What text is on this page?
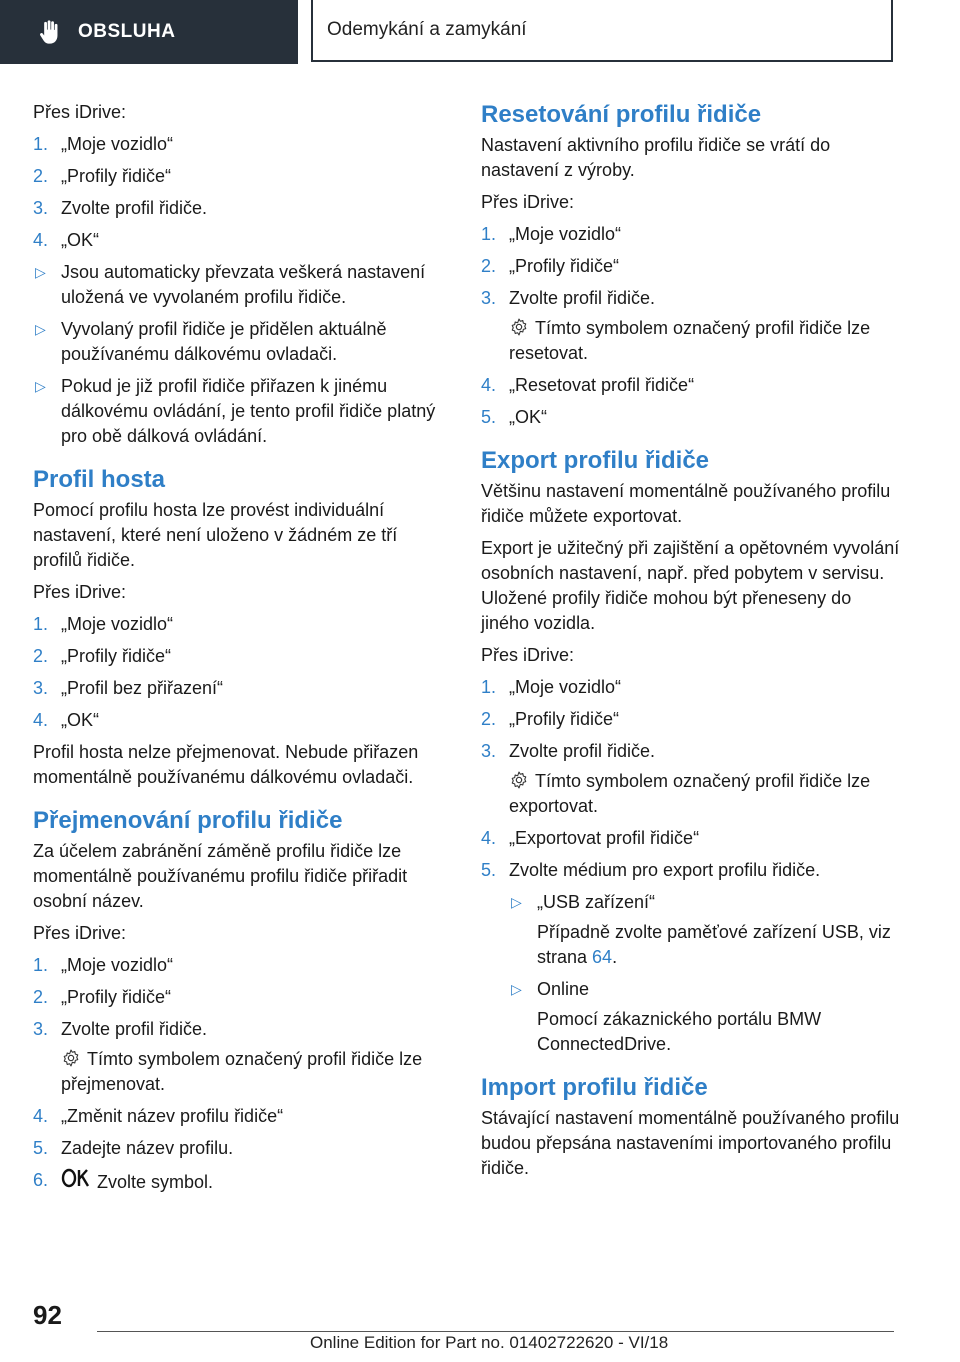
OBSLUHA	Odemykání a zamykání

Přes iDrive:

1. „Moje vozidlo“
2. „Profily řidiče“
3. Zvolte profil řidiče.
4. „OK“
▷ Jsou automaticky převzata veškerá nastavení uložená ve vyvolaném profilu řidiče.
▷ Vyvolaný profil řidiče je přidělen aktuálně používanému dálkovému ovladači.
▷ Pokud je již profil řidiče přiřazen k jinému dálkovému ovládání, je tento profil řidiče platný pro obě dálková ovládání.
Profil hosta

Pomocí profilu hosta lze provést individuální nastavení, které není uloženo v žádném ze tří profilů řidiče.

Přes iDrive:

1. „Moje vozidlo“
2. „Profily řidiče“
3. „Profil bez přiřazení“
4. „OK“

Profil hosta nelze přejmenovat. Nebude přiřazen momentálně používanému dálkovému ovladači.

Přejmenování profilu řidiče

Za účelem zabránění záměně profilu řidiče lze momentálně používanému profilu řidiče přiřadit osobní název.

Přes iDrive:

1. „Moje vozidlo“
2. „Profily řidiče“
3. Zvolte profil řidiče.
Tímto symbolem označený profil řidiče lze přejmenovat.
4. „Změnit název profilu řidiče“
5. Zadejte název profilu.
6.	Zvolte symbol.
Resetování profilu řidiče

Nastavení aktivního profilu řidiče se vrátí do nastavení z výroby.

Přes iDrive:

1. „Moje vozidlo“
2. „Profily řidiče“
3. Zvolte profil řidiče.
Tímto symbolem označený profil řidiče lze resetovat.
4. „Resetovat profil řidiče“
5. „OK“
Export profilu řidiče

Většinu nastavení momentálně používaného profilu řidiče můžete exportovat.

Export je užitečný při zajištění a opětovném vyvolání osobních nastavení, např. před pobytem v servisu. Uložené profily řidiče mohou být přeneseny do jiného vozidla.

Přes iDrive:

1. „Moje vozidlo“
2. „Profily řidiče“
3. Zvolte profil řidiče.
Tímto symbolem označený profil řidiče lze exportovat.
4. „Exportovat profil řidiče“
5. Zvolte médium pro export profilu řidiče.
▷ „USB zařízení“
Případně zvolte paměťové zařízení USB, viz strana 64.
▷ Online
Pomocí zákaznického portálu BMW ConnectedDrive.
Import profilu řidiče

Stávající nastavení momentálně používaného profilu budou přepsána nastaveními importovaného profilu řidiče.

92
Online Edition for Part no. 01402722620 - VI/18
